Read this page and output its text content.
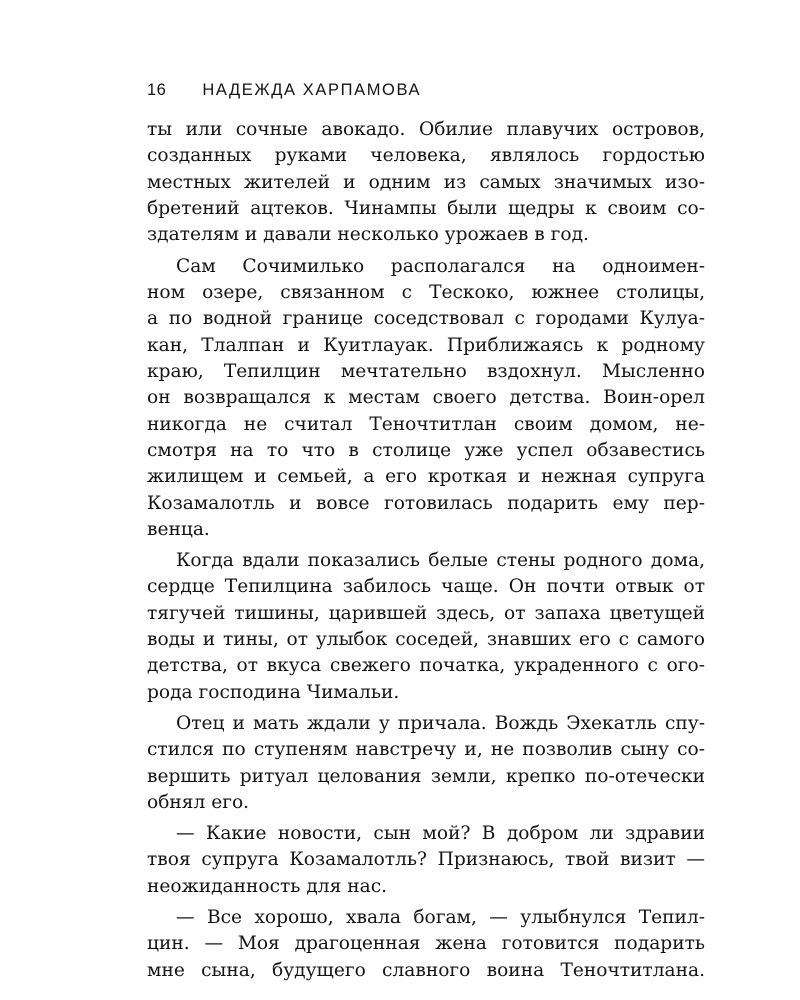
16 НАДЕЖДА ХАРПАМОВА
ты или сочные авокадо. Обилие плавучих островов,
созданных руками человека, являлось гордостью
местных жителей и одним из самых значимых изо-
бретений ацтеков. Чинампы были щедры к своим со-
здателям и давали несколько урожаев в год.
Сам Сочимилько располагался на одноимен-
ном озере, связанном с Тескоко, южнее столицы,
а по водной границе соседствовал с городами Кулуа-
кан, Тлалпан и Куитлауак. Приближаясь к родному
краю, Тепилцин мечтательно вздохнул. Мысленно
он возвращался к местам своего детства. Воин-орел
никогда не считал Теночтитлан своим домом, не-
смотря на то что в столице уже успел обзавестись
жилищем и семьей, а его кроткая и нежная супруга
Козамалотль и вовсе готовилась подарить ему пер-
венца.
Когда вдали показались белые стены родного дома,
сердце Тепилцина забилось чаще. Он почти отвык от
тягучей тишины, царившей здесь, от запаха цветущей
воды и тины, от улыбок соседей, знавших его с самого
детства, от вкуса свежего початка, украденного с ого-
рода господина Чимальи.
Отец и мать ждали у причала. Вождь Эхекатль спу-
стился по ступеням навстречу и, не позволив сыну со-
вершить ритуал целования земли, крепко по-отечески
обнял его.
— Какие новости, сын мой? В добром ли здравии
твоя супруга Козамалотль? Признаюсь, твой визит —
неожиданность для нас.
— Все хорошо, хвала богам, — улыбнулся Тепил-
цин. — Моя драгоценная жена готовится подарить
мне сына, будущего славного воина Теночтитлана.
